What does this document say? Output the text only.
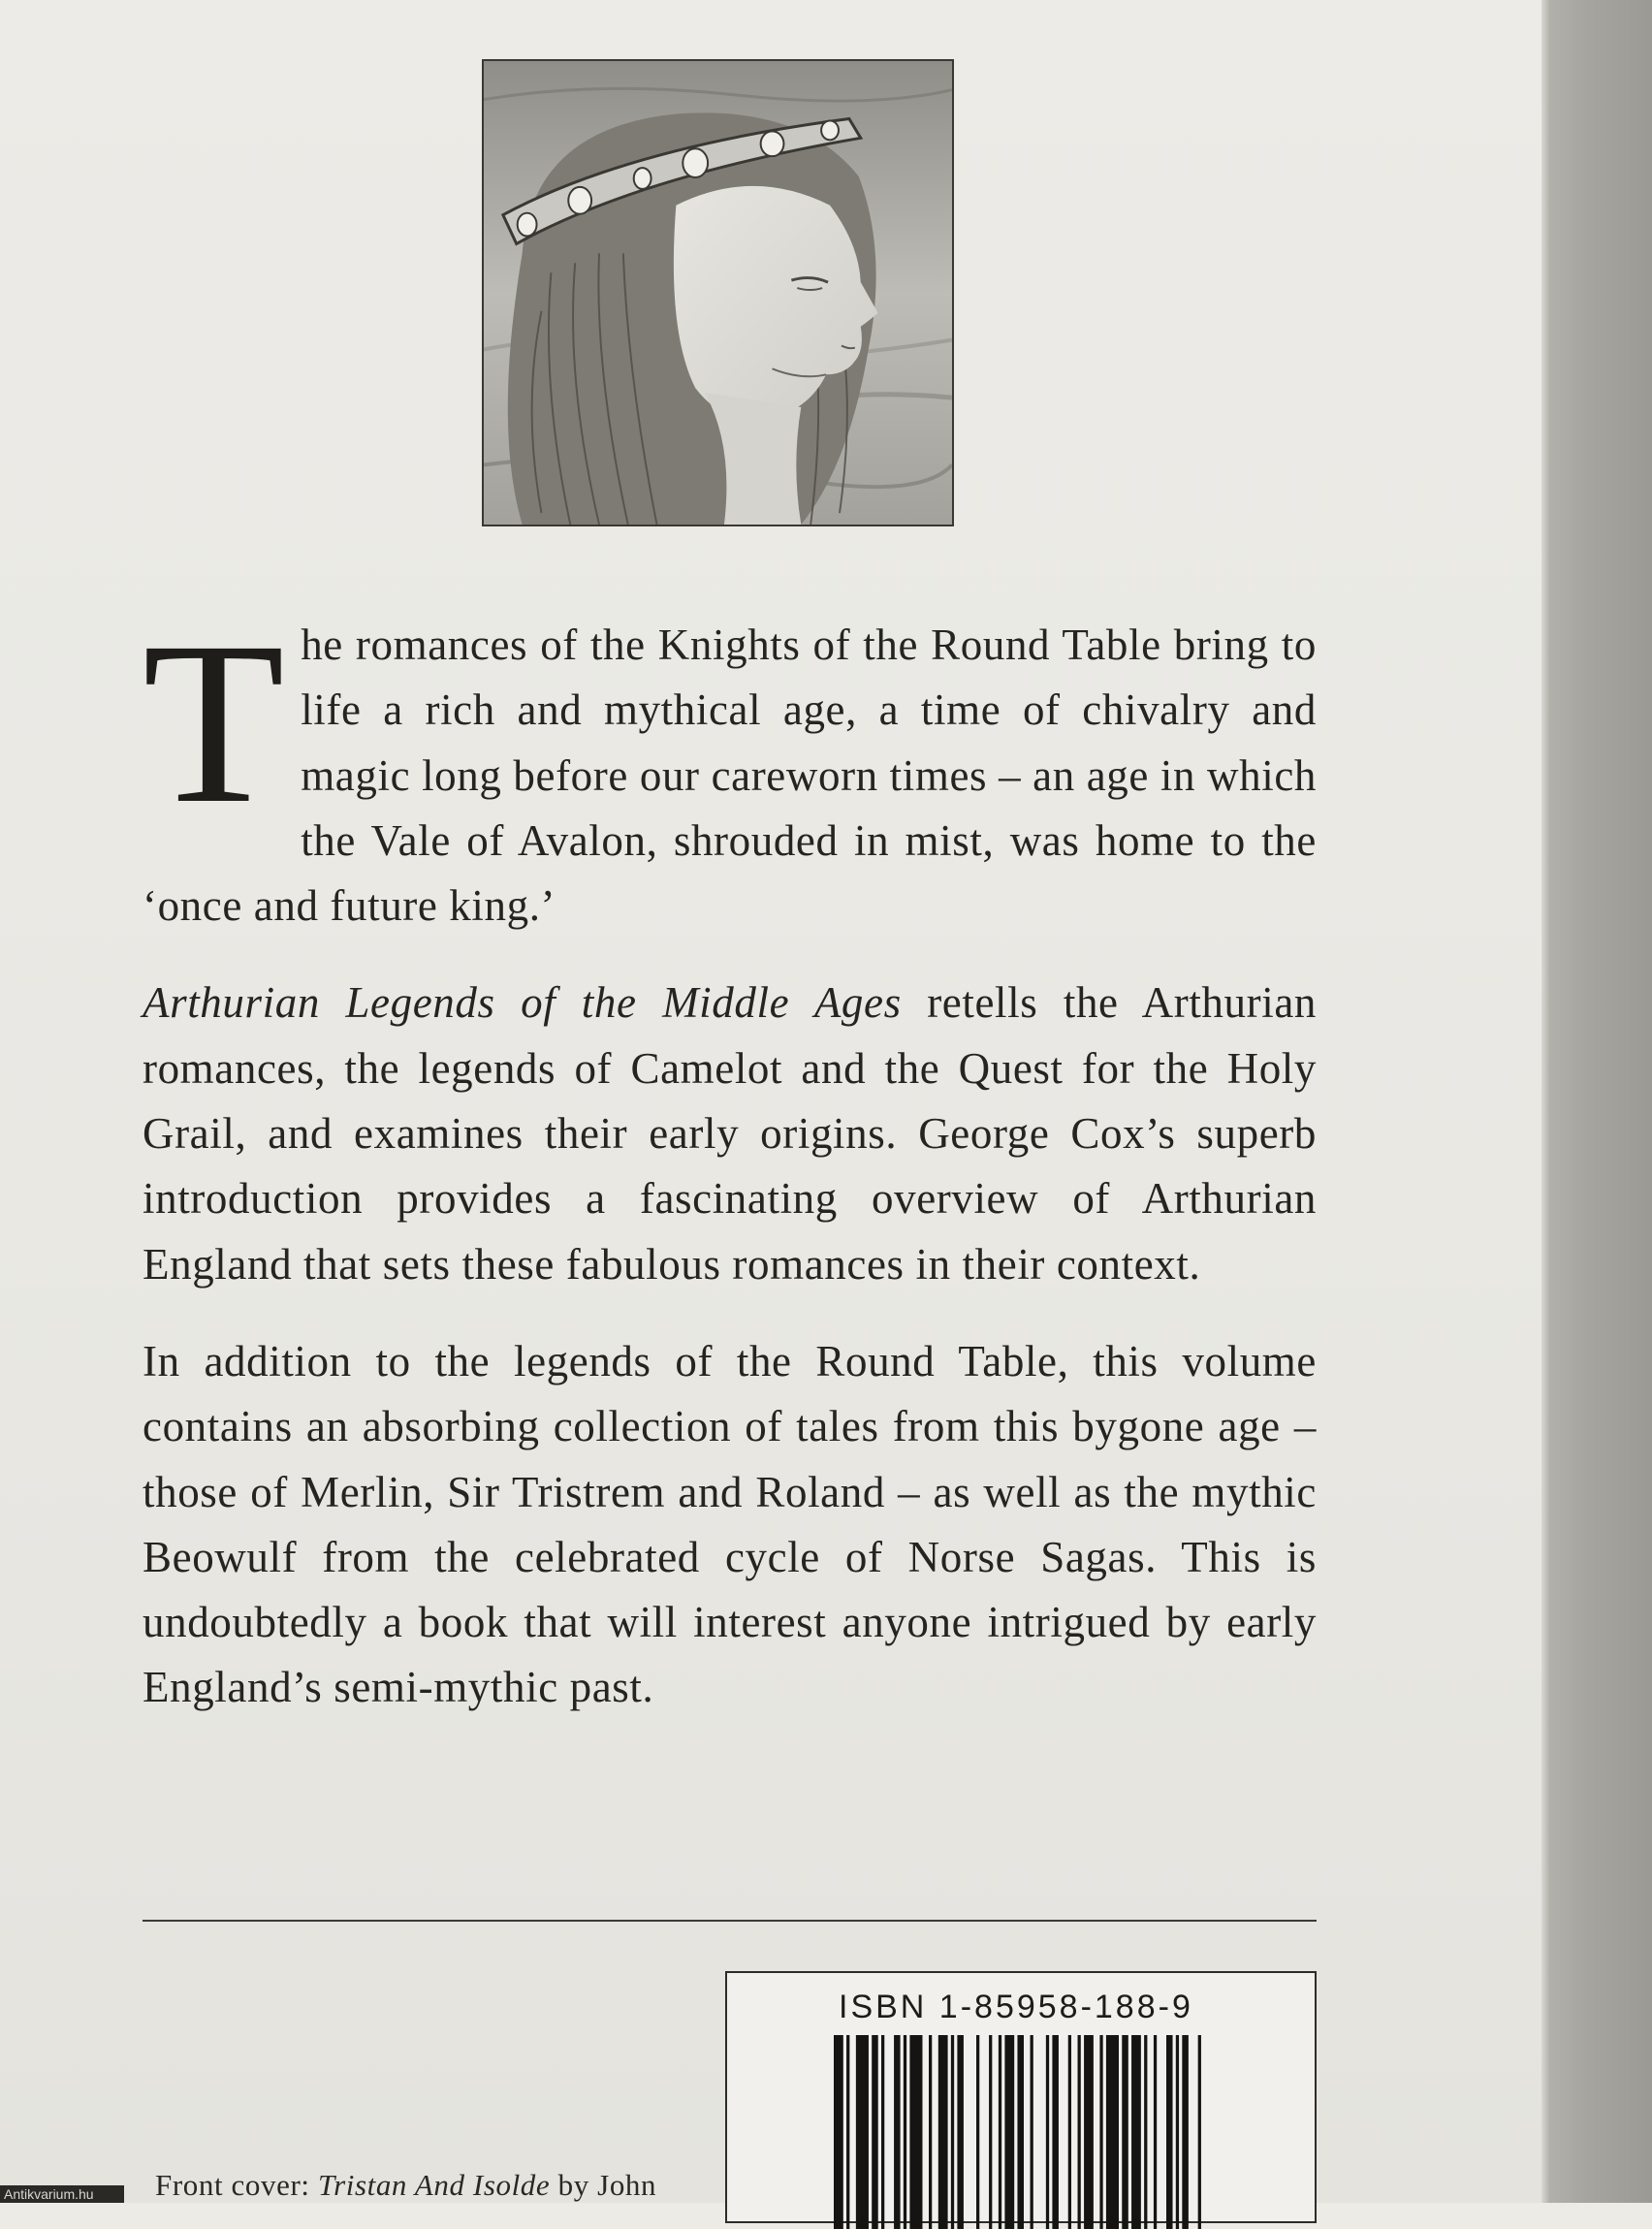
The romances of the Knights of the Round Table bring to life a rich and mythical age, a time of chivalry and magic long before our careworn times – an age in which the Vale of Avalon, shrouded in mist, was home to the ‘once and future king.’

Arthurian Legends of the Middle Ages retells the Arthurian romances, the legends of Camelot and the Quest for the Holy Grail, and examines their early origins. George Cox’s superb introduction provides a fascinating overview of Arthurian England that sets these fabulous romances in their context.

In addition to the legends of the Round Table, this volume contains an absorbing collection of tales from this bygone age – those of Merlin, Sir Tristrem and Roland – as well as the mythic Beowulf from the celebrated cycle of Norse Sagas. This is undoubtedly a book that will interest anyone intrigued by early England’s semi-mythic past.

ISBN 1-85958-188-9
Front cover: Tristan And Isolde by John
Antikvarium.hu
